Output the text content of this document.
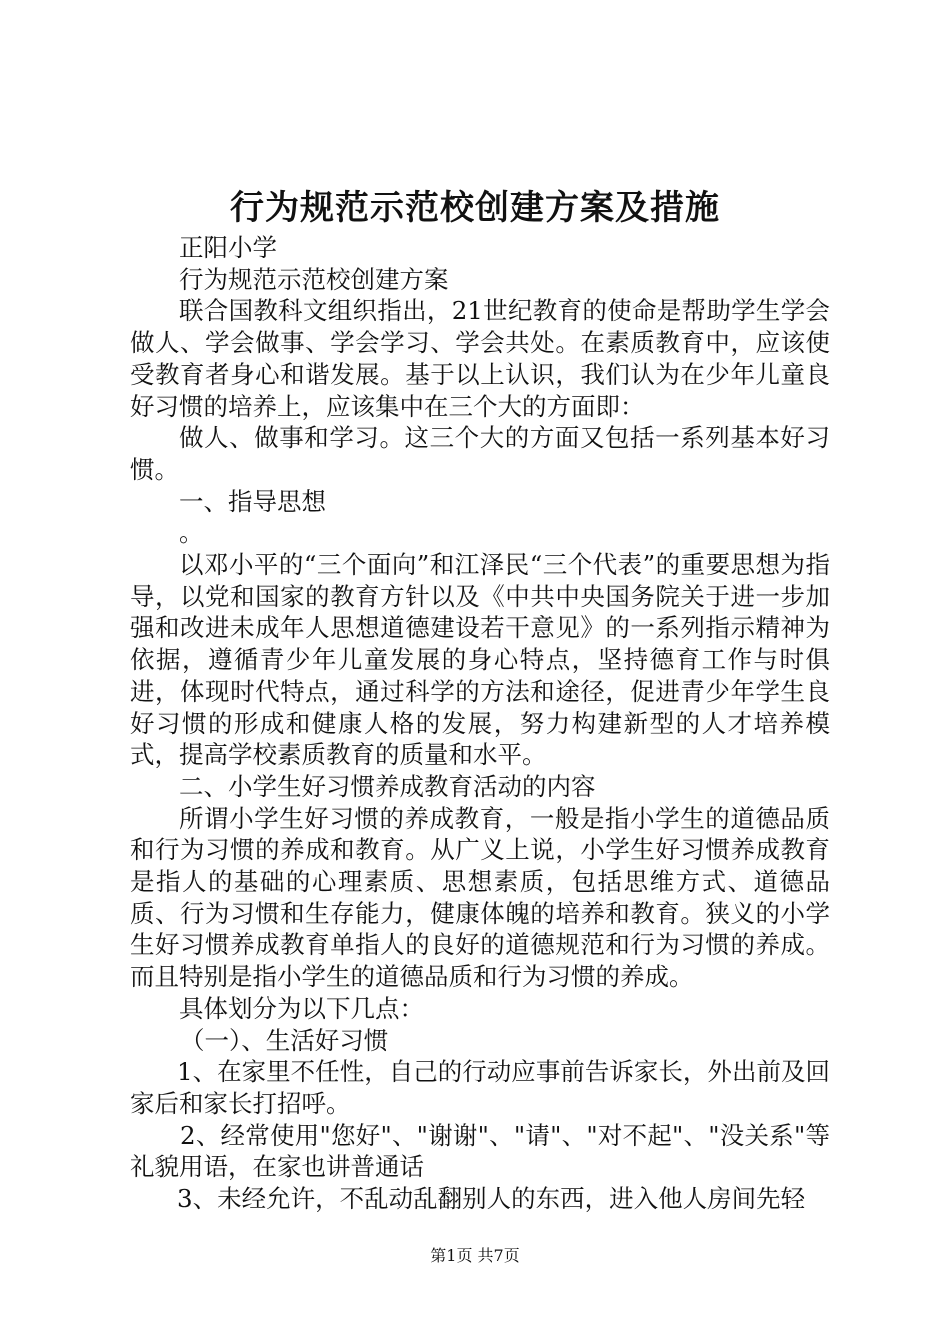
行为规范示范校创建方案及措施

正阳小学

行为规范示范校创建方案

联合国教科文组织指出，21世纪教育的使命是帮助学生学会做人、学会做事、学会学习、学会共处。在素质教育中，应该使受教育者身心和谐发展。基于以上认识，我们认为在少年儿童良好习惯的培养上，应该集中在三个大的方面即：

做人、做事和学习。这三个大的方面又包括一系列基本好习惯。

一、指导思想

。

以邓小平的“三个面向”和江泽民“三个代表”的重要思想为指导，以党和国家的教育方针以及《中共中央国务院关于进一步加强和改进未成年人思想道德建设若干意见》的一系列指示精神为依据，遵循青少年儿童发展的身心特点，坚持德育工作与时俱进，体现时代特点，通过科学的方法和途径，促进青少年学生良好习惯的形成和健康人格的发展，努力构建新型的人才培养模式，提高学校素质教育的质量和水平。

二、小学生好习惯养成教育活动的内容

所谓小学生好习惯的养成教育，一般是指小学生的道德品质和行为习惯的养成和教育。从广义上说，小学生好习惯养成教育是指人的基础的心理素质、思想素质，包括思维方式、道德品质、行为习惯和生存能力，健康体魄的培养和教育。狭义的小学生好习惯养成教育单指人的良好的道德规范和行为习惯的养成。而且特别是指小学生的道德品质和行为习惯的养成。

具体划分为以下几点：

（一）、生活好习惯

1、在家里不任性，自己的行动应事前告诉家长，外出前及回家后和家长打招呼。

2、经常使用"您好"、"谢谢"、"请"、"对不起"、"没关系"等礼貌用语，在家也讲普通话

3、未经允许，不乱动乱翻别人的东西，进入他人房间先轻

第1页 共7页
